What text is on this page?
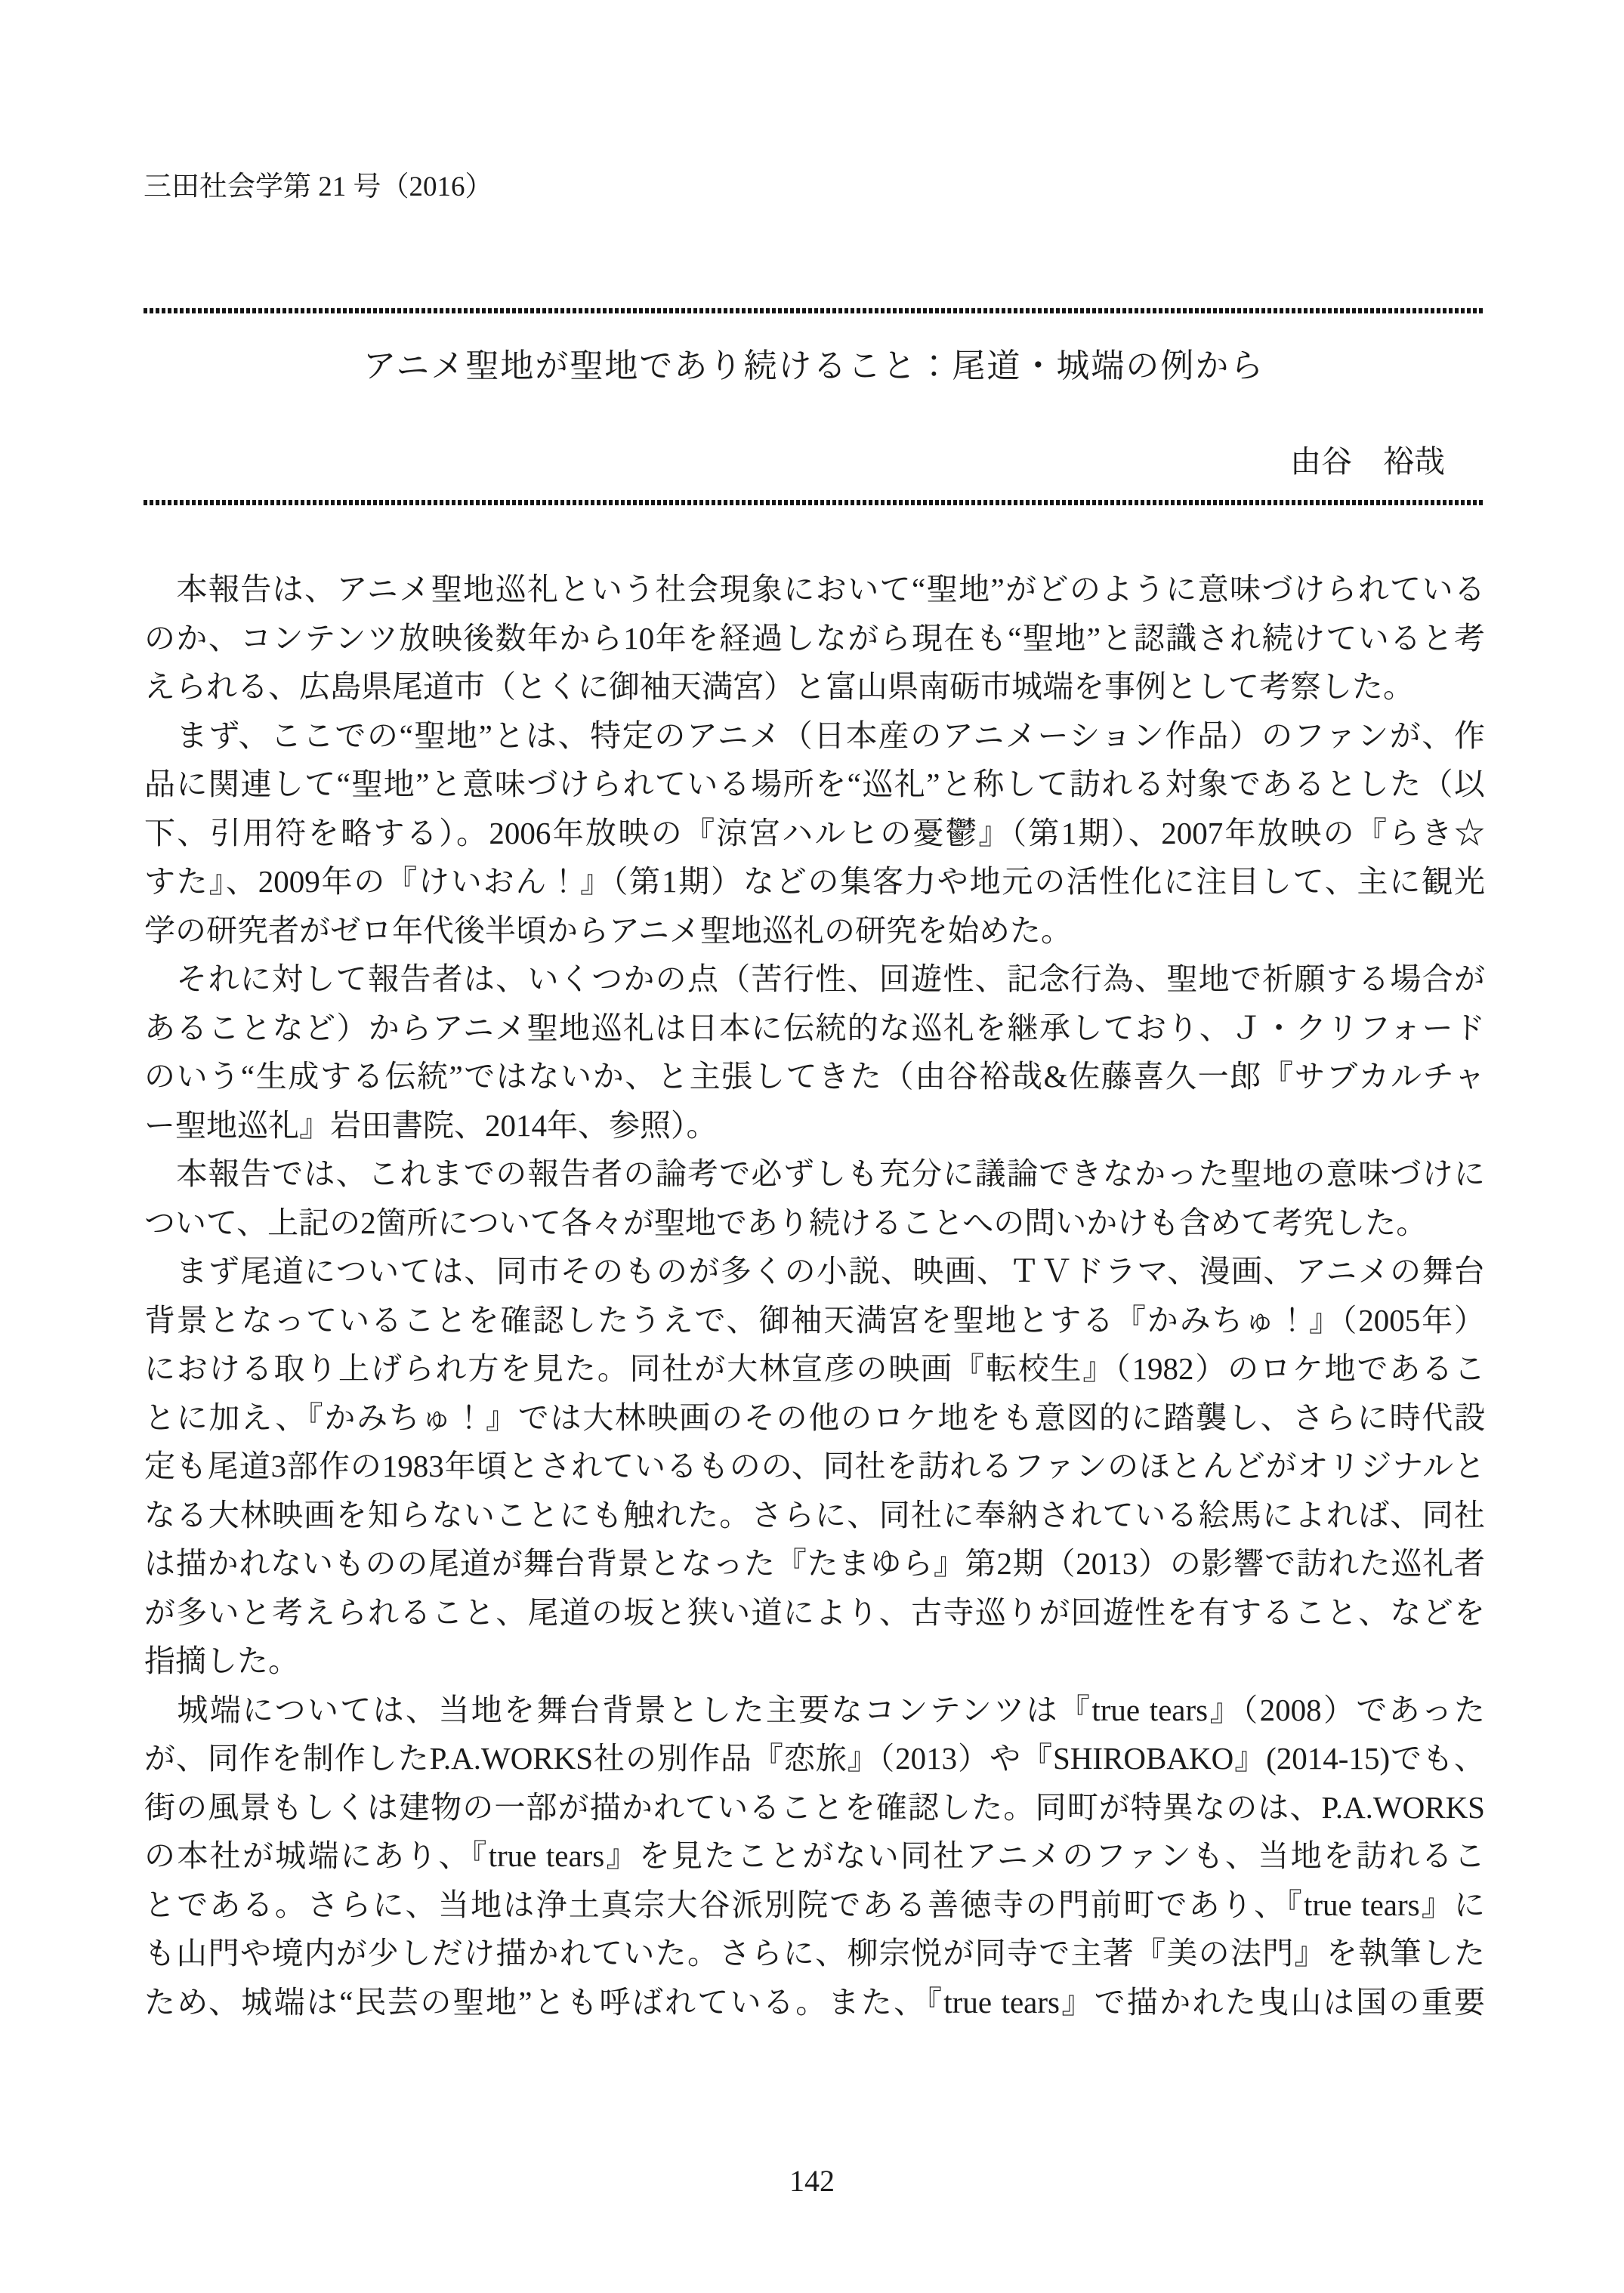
三田社会学第 21 号（2016）
アニメ聖地が聖地であり続けること：尾道・城端の例から
由谷　裕哉
　本報告は、アニメ聖地巡礼という社会現象において“聖地”がどのように意味づけられている
のか、コンテンツ放映後数年から10年を経過しながら現在も“聖地”と認識され続けていると考
えられる、広島県尾道市（とくに御袖天満宮）と富山県南砺市城端を事例として考察した。
　まず、ここでの“聖地”とは、特定のアニメ（日本産のアニメーション作品）のファンが、作
品に関連して“聖地”と意味づけられている場所を“巡礼”と称して訪れる対象であるとした（以
下、引用符を略する）。2006年放映の『涼宮ハルヒの憂鬱』（第1期）、2007年放映の『らき☆
すた』、2009年の『けいおん！』（第1期）などの集客力や地元の活性化に注目して、主に観光
学の研究者がゼロ年代後半頃からアニメ聖地巡礼の研究を始めた。
　それに対して報告者は、いくつかの点（苦行性、回遊性、記念行為、聖地で祈願する場合が
あることなど）からアニメ聖地巡礼は日本に伝統的な巡礼を継承しており、Ｊ・クリフォード
のいう“生成する伝統”ではないか、と主張してきた（由谷裕哉&佐藤喜久一郎『サブカルチャ
ー聖地巡礼』岩田書院、2014年、参照）。
　本報告では、これまでの報告者の論考で必ずしも充分に議論できなかった聖地の意味づけに
ついて、上記の2箇所について各々が聖地であり続けることへの問いかけも含めて考究した。
　まず尾道については、同市そのものが多くの小説、映画、ＴＶドラマ、漫画、アニメの舞台
背景となっていることを確認したうえで、御袖天満宮を聖地とする『かみちゅ！』（2005年）
における取り上げられ方を見た。同社が大林宣彦の映画『転校生』（1982）のロケ地であるこ
とに加え、『かみちゅ！』では大林映画のその他のロケ地をも意図的に踏襲し、さらに時代設
定も尾道3部作の1983年頃とされているものの、同社を訪れるファンのほとんどがオリジナルと
なる大林映画を知らないことにも触れた。さらに、同社に奉納されている絵馬によれば、同社
は描かれないものの尾道が舞台背景となった『たまゆら』第2期（2013）の影響で訪れた巡礼者
が多いと考えられること、尾道の坂と狭い道により、古寺巡りが回遊性を有すること、などを
指摘した。
　城端については、当地を舞台背景とした主要なコンテンツは『true tears』（2008）であった
が、同作を制作したP.A.WORKS社の別作品『恋旅』（2013）や『SHIROBAKO』(2014-15)でも、
街の風景もしくは建物の一部が描かれていることを確認した。同町が特異なのは、P.A.WORKS
の本社が城端にあり、『true tears』を見たことがない同社アニメのファンも、当地を訪れるこ
とである。さらに、当地は浄土真宗大谷派別院である善徳寺の門前町であり、『true tears』に
も山門や境内が少しだけ描かれていた。さらに、柳宗悦が同寺で主著『美の法門』を執筆した
ため、城端は“民芸の聖地”とも呼ばれている。また、『true tears』で描かれた曳山は国の重要
142
